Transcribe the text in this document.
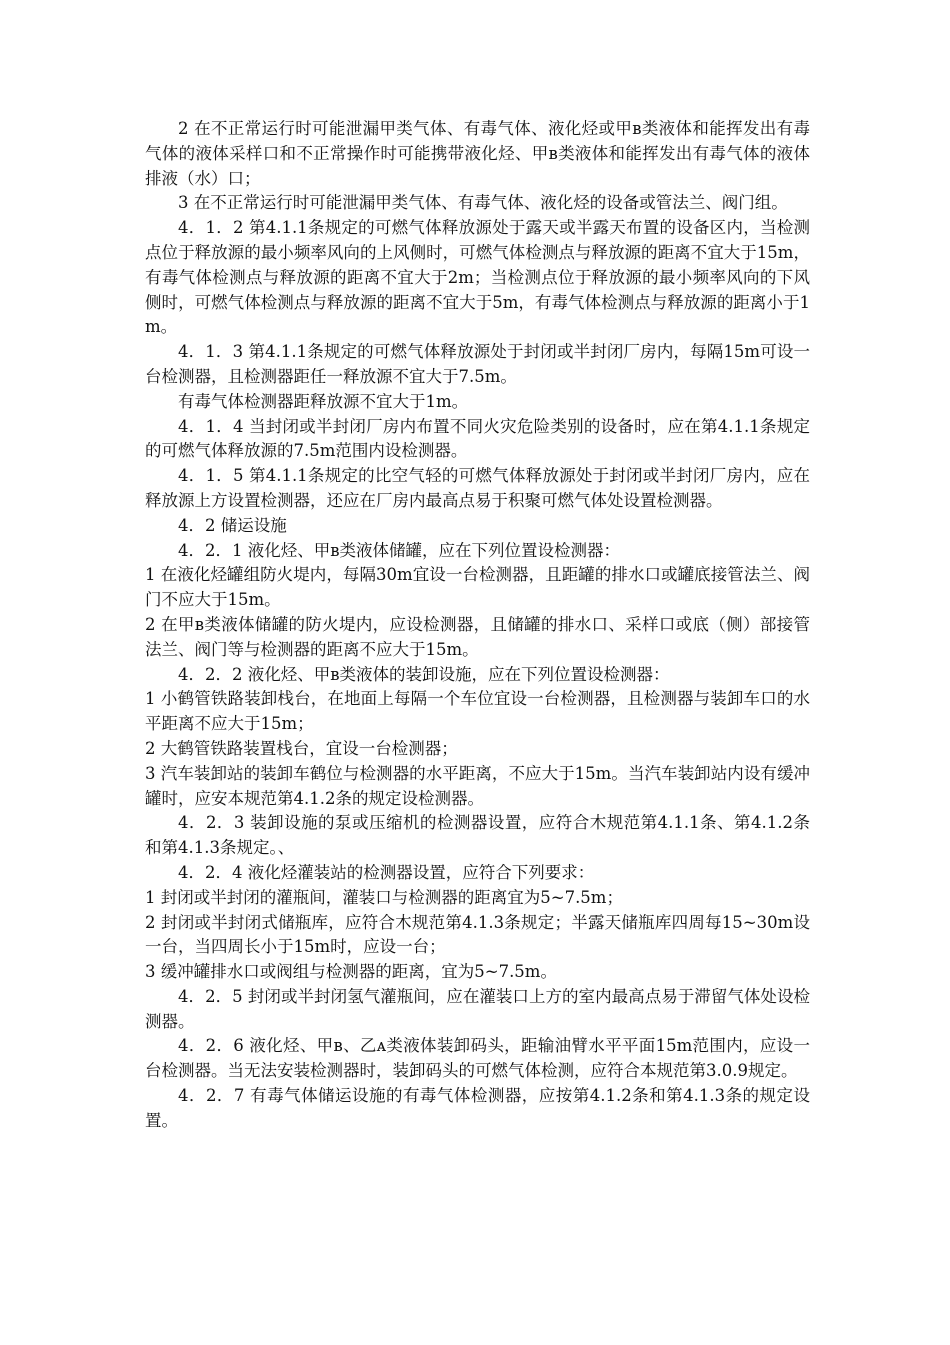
2 在不正常运行时可能泄漏甲类气体、有毒气体、液化烃或甲ʙ类液体和能挥发出有毒气体的液体采样口和不正常操作时可能携带液化烃、甲ʙ类液体和能挥发出有毒气体的液体排液（水）口；

3 在不正常运行时可能泄漏甲类气体、有毒气体、液化烃的设备或管法兰、阀门组。

4．1．2 第4.1.1条规定的可燃气体释放源处于露天或半露天布置的设备区内，当检测点位于释放源的最小频率风向的上风侧时，可燃气体检测点与释放源的距离不宜大于15m，有毒气体检测点与释放源的距离不宜大于2m；当检测点位于释放源的最小频率风向的下风侧时，可燃气体检测点与释放源的距离不宜大于5m，有毒气体检测点与释放源的距离小于1m。

4．1．3 第4.1.1条规定的可燃气体释放源处于封闭或半封闭厂房内，每隔15m可设一台检测器，且检测器距任一释放源不宜大于7.5m。

有毒气体检测器距释放源不宜大于1m。

4．1．4 当封闭或半封闭厂房内布置不同火灾危险类别的设备时，应在第4.1.1条规定的可燃气体释放源的7.5m范围内设检测器。

4．1．5 第4.1.1条规定的比空气轻的可燃气体释放源处于封闭或半封闭厂房内，应在释放源上方设置检测器，还应在厂房内最高点易于积聚可燃气体处设置检测器。

4．2 储运设施

4．2．1 液化烃、甲ʙ类液体储罐，应在下列位置设检测器：

1 在液化烃罐组防火堤内，每隔30m宜设一台检测器，且距罐的排水口或罐底接管法兰、阀门不应大于15m。

2 在甲ʙ类液体储罐的防火堤内，应设检测器，且储罐的排水口、采样口或底（侧）部接管法兰、阀门等与检测器的距离不应大于15m。

4．2．2 液化烃、甲ʙ类液体的装卸设施，应在下列位置设检测器：

1 小鹤管铁路装卸栈台，在地面上每隔一个车位宜设一台检测器，且检测器与装卸车口的水平距离不应大于15m；

2 大鹤管铁路装置栈台，宜设一台检测器；

3 汽车装卸站的装卸车鹤位与检测器的水平距离，不应大于15m。当汽车装卸站内设有缓冲罐时，应安本规范第4.1.2条的规定设检测器。

4．2．3 装卸设施的泵或压缩机的检测器设置，应符合木规范第4.1.1条、第4.1.2条和第4.1.3条规定。、

4．2．4 液化烃灌装站的检测器设置，应符合下列要求：

1 封闭或半封闭的灌瓶间，灌装口与检测器的距离宜为5~7.5m；

2 封闭或半封闭式储瓶库，应符合木规范第4.1.3条规定；半露天储瓶库四周每15~30m设一台，当四周长小于15m时，应设一台；

3 缓冲罐排水口或阀组与检测器的距离，宜为5~7.5m。

4．2．5 封闭或半封闭氢气灌瓶间，应在灌装口上方的室内最高点易于滞留气体处设检测器。

4．2．6 液化烃、甲ʙ、乙ᴀ类液体装卸码头，距输油臂水平平面15m范围内，应设一台检测器。当无法安装检测器时，装卸码头的可燃气体检测，应符合本规范第3.0.9规定。

4．2．7 有毒气体储运设施的有毒气体检测器，应按第4.1.2条和第4.1.3条的规定设置。
